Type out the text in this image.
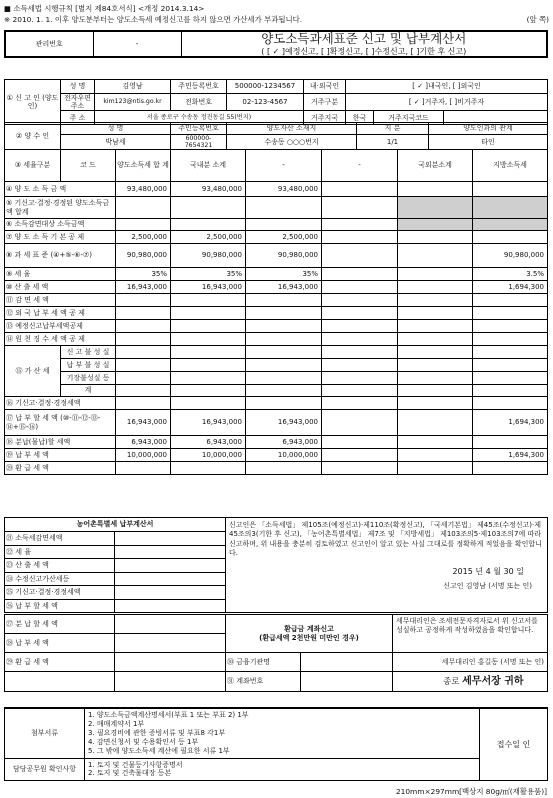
■ 소득세법 시행규칙 [별지 제84호서식] <개정 2014.3.14>
※ 2010. 1. 1. 이후 양도분부터는 양도소득세 예정신고를 하지 않으면 가산세가 부과됩니다.	(앞 쪽)
관리번호	-	양도소득과세표준 신고 및 납부계산서
( [ ✓ ]예정신고, [ ]확정신고, [ ]수정신고, [ ]기한 후 신고)
① 신 고 인 (양도인)	성 명	김영남	주민등록번호	500000-1234567	내·외국인	[ ✓ ]내국인, [ ]외국인		
	전자우편주소	kim123@ntis.go.kr	전화번호	02-123-4567	거주구분	[ ✓ ]거주자, [ ]비거주자		
	주 소	서울 종로구 수송동 정진동길 55(번지)			거주지국	한국	거주지국코드	
② 양 수 인	성 명	주민등록번호	양도자산 소재지	지 분	양도인과의 관계
	박남세	600000-7654321	수송동 ○○○번지	1/1	타인
③ 세율구분	코 드	양도소득세 합 계	국내분 소계	-	-	국외분소계	지방소득세
④ 양 도 소 득 금 액		93,480,000	93,480,000	93,480,000			
⑤ 기신고·결정·경정된 양도소득금액 합계							
⑥ 소득감면대상 소득금액							
⑦ 양 도 소 득 기 본 공 제		2,500,000	2,500,000	2,500,000			
⑧ 과 세 표 준 (④+⑤-⑥-⑦)		90,980,000	90,980,000	90,980,000			90,980,000
⑨ 세 율		35%	35%	35%			3.5%
⑩ 산 출 세 액		16,943,000	16,943,000	16,943,000			1,694,300
⑪ 감 면 세 액							
⑫ 외 국 납 부 세 액 공 제							
⑬ 예정신고납부세액공제							
⑭ 원 천 징 수 세 액 공 제							
⑮ 가 산 세	신 고 불 성 실						
	납 부 불 성 실						
	기장불성실 등						
	계						
⑯ 기신고·결정·경정세액							
⑰ 납 부 할 세 액 (⑩-⑪-⑫-⑬-⑭+⑮-⑯)		16,943,000	16,943,000	16,943,000			1,694,300
⑱ 분납(물납)할 세액		6,943,000	6,943,000	6,943,000			
⑲ 납 부 세 액		10,000,000	10,000,000	10,000,000			1,694,300
⑳ 환 급 세 액							
농어촌특별세 납부계산서		신고인은 「소득세법」 제105조(예정신고)·제110조(확정신고), 「국세기본법」 제45조(수정신고)·제45조의3(기한 후 신고), 「농어촌특별세법」 제7조 및 「지방세법」 제103조의5·제103조의7에 따라 신고하며, 위 내용을 충분히 검토하였고 신고인이 알고 있는 사실 그대로를 정확하게 적었음을 확인합니다.
2015 년 4 월 30 일
신고인 김영남 (서명 또는 인)

㉑ 소득세감면세액		
㉒ 세 율		
㉓ 산 출 세 액		
㉔ 수정신고가산세등		
㉕ 기신고·결정·경정세액		
㉖ 납 부 할 세 액		
㉗ 분 납 할 세 액		환급금 계좌신고
(환급세액 2천만원 미만인 경우)		세무대리인은 조세전문자격자로서 위 신고서를 성실하고 공정하게 작성하였음을 확인합니다.

㉘ 납 부 세 액				
㉙ 환 급 세 액		㉚ 금융기관명		세무대리인 홍길동 (서명 또는 인)
		㉛ 계좌번호		종로 세무서장 귀하
첨부서류	1. 양도소득금액계산명세서(부표 1 또는 부표 2) 1부
2. 매매계약서 1부
3. 필요경비에 관한 증빙서류 및 부표8 각1부
4. 감면신청서 및 수용확인서 등 1부
5. 그 밖에 양도소득세 계산에 필요한 서류 1부	접수일 인
담당공무원 확인사항	1. 토지 및 건물등기사항증명서
2. 토지 및 건축물대장 등본	
210mm×297mm[백상지 80g/㎡(재활용품)]
